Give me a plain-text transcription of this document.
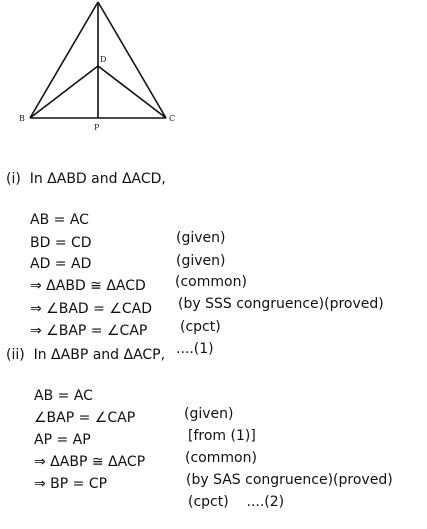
D
B	C
P
(i)  In ΔABD and ΔACD,

AB = AC

(given)

BD = CD

(given)

AD = AD

(common)

⇒ ΔABD ≅ ΔACD

(by SSS congruence)(proved)

⇒ ∠BAD = ∠CAD

(cpct)

⇒ ∠BAP = ∠CAP

....(1)

(ii)  In ΔABP and ΔACP,

AB = AC

(given)

∠BAP = ∠CAP

[from (1)]

AP = AP

(common)

⇒ ΔABP ≅ ΔACP

(by SAS congruence)(proved)

⇒ BP = CP

(cpct)    ....(2)
